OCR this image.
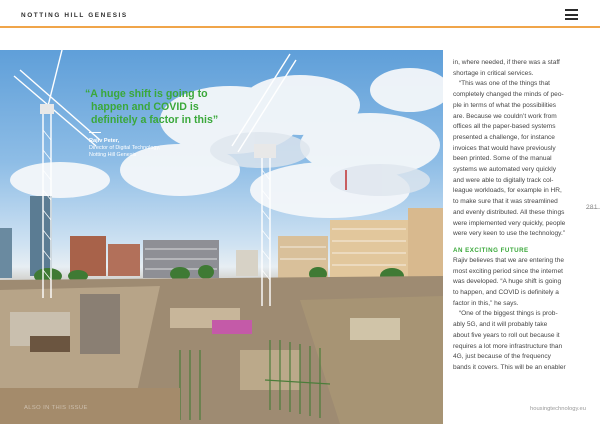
NOTTING HILL GENESIS
281
“A huge shift is going to
happen and COVID is
definitely a factor in this”
Rajiv Peter,
Director of Digital Technology,
Notting Hill Genesis
ALSO IN THIS ISSUE

in, where needed, if there was a staff
shortage in critical services.

“This was one of the things that
completely changed the minds of peo-
ple in terms of what the possibilities
are. Because we couldn’t work from
offices all the paper-based systems
presented a challenge, for instance
invoices that would have previously
been printed. Some of the manual
systems we automated very quickly
and were able to digitally track col-
league workloads, for example in HR,
to make sure that it was streamlined
and evenly distributed. All these things
were implemented very quickly, people
were very keen to use the technology.”

AN EXCITING FUTURE

Rajiv believes that we are entering the
most exciting period since the internet
was developed. “A huge shift is going
to happen, and COVID is definitely a
factor in this,” he says.

“One of the biggest things is prob-
ably 5G, and it will probably take
about five years to roll out because it
requires a lot more infrastructure than
4G, just because of the frequency
bands it covers. This will be an enabler

housingtechnology.eu
